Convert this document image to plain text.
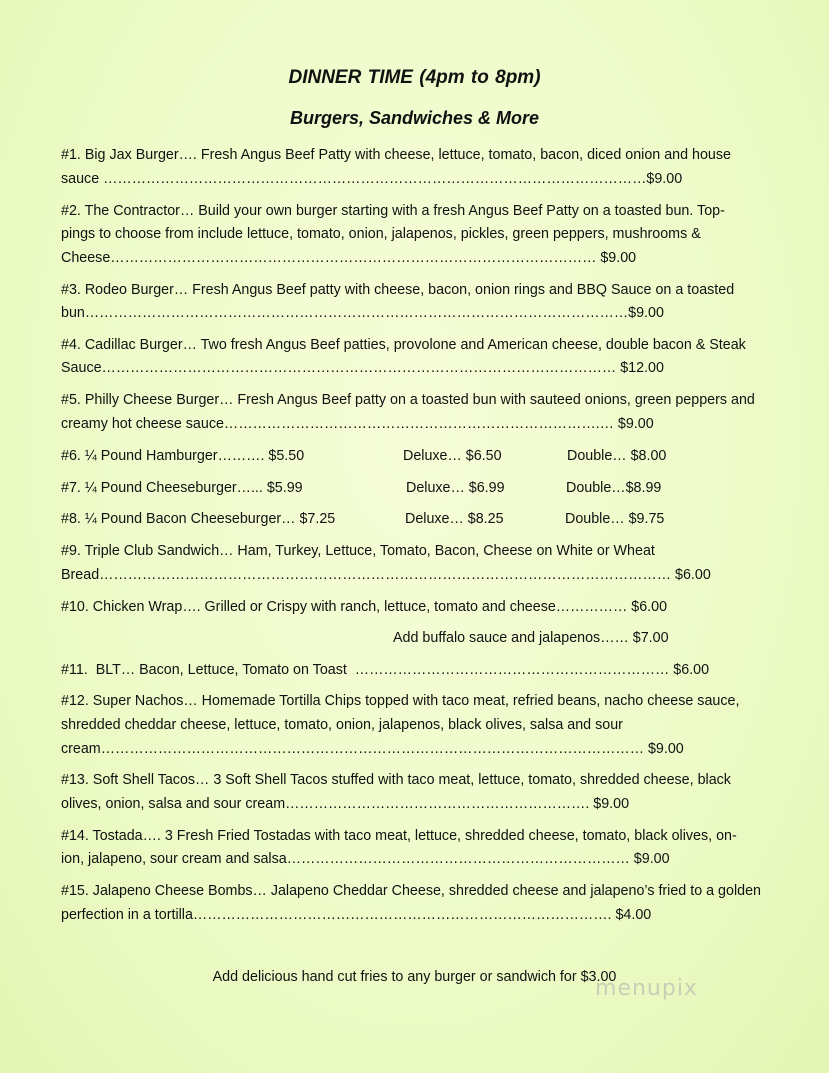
DINNER TIME (4pm to 8pm)
Burgers, Sandwiches & More
#1. Big Jax Burger…. Fresh Angus Beef Patty with cheese, lettuce, tomato, bacon, diced onion and house
sauce ……………………………………………………………………………………………………$9.00
#2. The Contractor… Build your own burger starting with a fresh Angus Beef Patty on a toasted bun. Top-
pings to choose from include lettuce, tomato, onion, jalapenos, pickles, green peppers, mushrooms &
Cheese………………………………………………………………………………………… $9.00
#3. Rodeo Burger… Fresh Angus Beef patty with cheese, bacon, onion rings and BBQ Sauce on a toasted
bun……………………………………………………………………………………………………$9.00
#4. Cadillac Burger… Two fresh Angus Beef patties, provolone and American cheese, double bacon & Steak
Sauce……………………………………………………………………………………………… $12.00
#5. Philly Cheese Burger… Fresh Angus Beef patty on a toasted bun with sauteed onions, green peppers and
creamy hot cheese sauce…………………………………………………………………….… $9.00
#6. ¼ Pound Hamburger………. $5.50	Deluxe… $6.50	Double… $8.00
#7. ¼ Pound Cheeseburger…... $5.99	Deluxe… $6.99	Double…$8.99
#8. ¼ Pound Bacon Cheeseburger… $7.25	Deluxe… $8.25	Double… $9.75
#9. Triple Club Sandwich… Ham, Turkey, Lettuce, Tomato, Bacon, Cheese on White or Wheat
Bread………………………………………………………………………………………………………… $6.00
#10. Chicken Wrap…. Grilled or Crispy with ranch, lettuce, tomato and cheese…………… $6.00
Add buffalo sauce and jalapenos…… $7.00
#11.  BLT… Bacon, Lettuce, Tomato on Toast  ………………………………………………………… $6.00
#12. Super Nachos… Homemade Tortilla Chips topped with taco meat, refried beans, nacho cheese sauce,
shredded cheddar cheese, lettuce, tomato, onion, jalapenos, black olives, salsa and sour
cream…………………………………………………………………………………………………… $9.00
#13. Soft Shell Tacos… 3 Soft Shell Tacos stuffed with taco meat, lettuce, tomato, shredded cheese, black
olives, onion, salsa and sour cream………………………………………………………. $9.00
#14. Tostada…. 3 Fresh Fried Tostadas with taco meat, lettuce, shredded cheese, tomato, black olives, on-
ion, jalapeno, sour cream and salsa……………………………………………………………… $9.00
#15. Jalapeno Cheese Bombs… Jalapeno Cheddar Cheese, shredded cheese and jalapeno’s fried to a golden
perfection in a tortilla……………………………………………………………………………. $4.00
Add delicious hand cut fries to any burger or sandwich for $3.00
menupix
